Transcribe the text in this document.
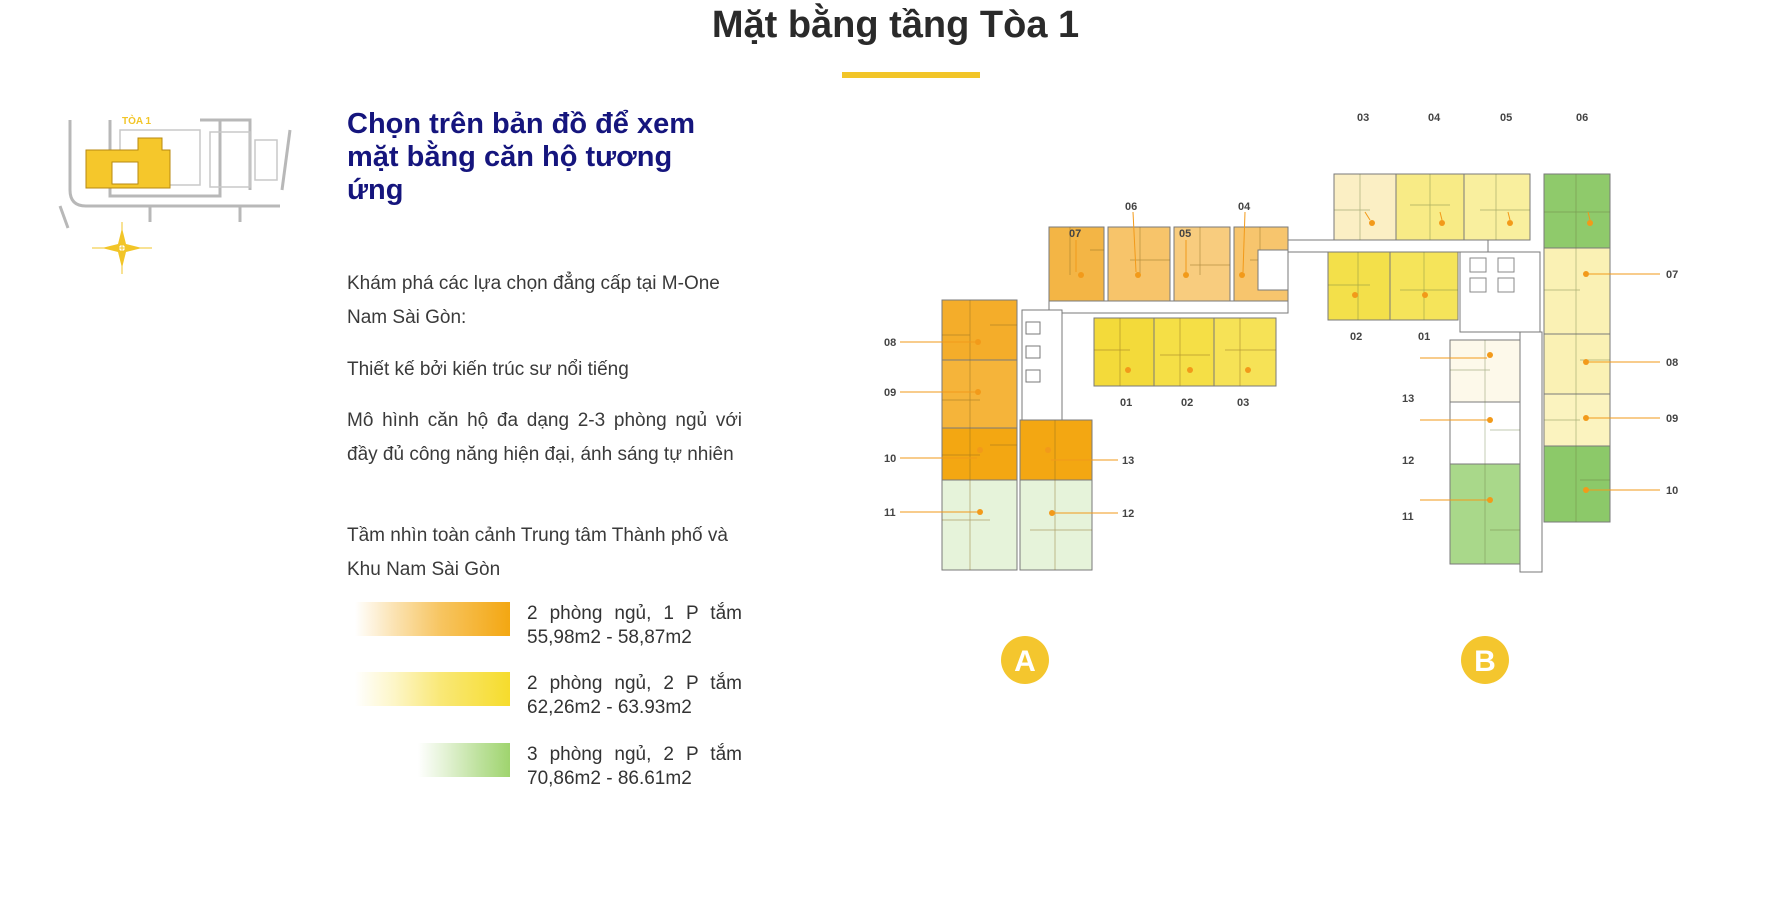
Mặt bằng tầng Tòa 1
TÒA 1	Chọn trên bản đồ để xem mặt bằng căn hộ tương ứng

Khám phá các lựa chọn đẳng cấp tại M-One Nam Sài Gòn:

Thiết kế bởi kiến trúc sư nổi tiếng

Mô hình căn hộ đa dạng 2-3 phòng ngủ với đầy đủ công năng hiện đại, ánh sáng tự nhiên

Tầm nhìn toàn cảnh Trung tâm Thành phố và Khu Nam Sài Gòn

2 phòng ngủ, 1 P tắm
55,98m2 - 58,87m2
2 phòng ngủ, 2 P tắm
62,26m2 - 63.93m2
3 phòng ngủ, 2 P tắm
70,86m2 - 86.61m2
07
06
05
04
08
09
10
11
13
12
01	02	03
03	04	05	06
07
08
09
10
02	01
13
12
11
A	B
